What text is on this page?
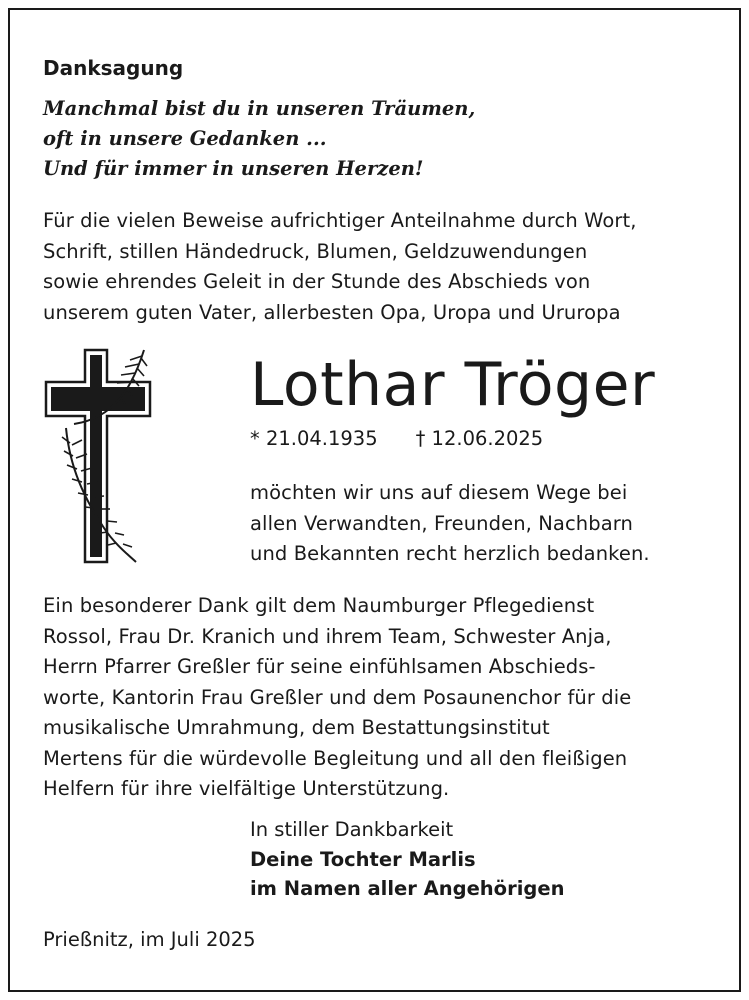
Danksagung

Manchmal bist du in unseren Träumen,
oft in unsere Gedanken ...
Und für immer in unseren Herzen!
Für die vielen Beweise aufrichtiger Anteilnahme durch Wort,
Schrift, stillen Händedruck, Blumen, Geldzuwendungen
sowie ehrendes Geleit in der Stunde des Abschieds von
unserem guten Vater, allerbesten Opa, Uropa und Ururopa

Lothar Tröger

* 21.04.1935 † 12.06.2025

möchten wir uns auf diesem Wege bei
allen Verwandten, Freunden, Nachbarn
und Bekannten recht herzlich bedanken.
Ein besonderer Dank gilt dem Naumburger Pflegedienst
Rossol, Frau Dr. Kranich und ihrem Team, Schwester Anja,
Herrn Pfarrer Greßler für seine einfühlsamen Abschieds-
worte, Kantorin Frau Greßler und dem Posaunenchor für die
musikalische Umrahmung, dem Bestattungsinstitut
Mertens für die würdevolle Begleitung und all den fleißigen
Helfern für ihre vielfältige Unterstützung.
In stiller Dankbarkeit
Deine Tochter Marlis
im Namen aller Angehörigen

Prießnitz, im Juli 2025
